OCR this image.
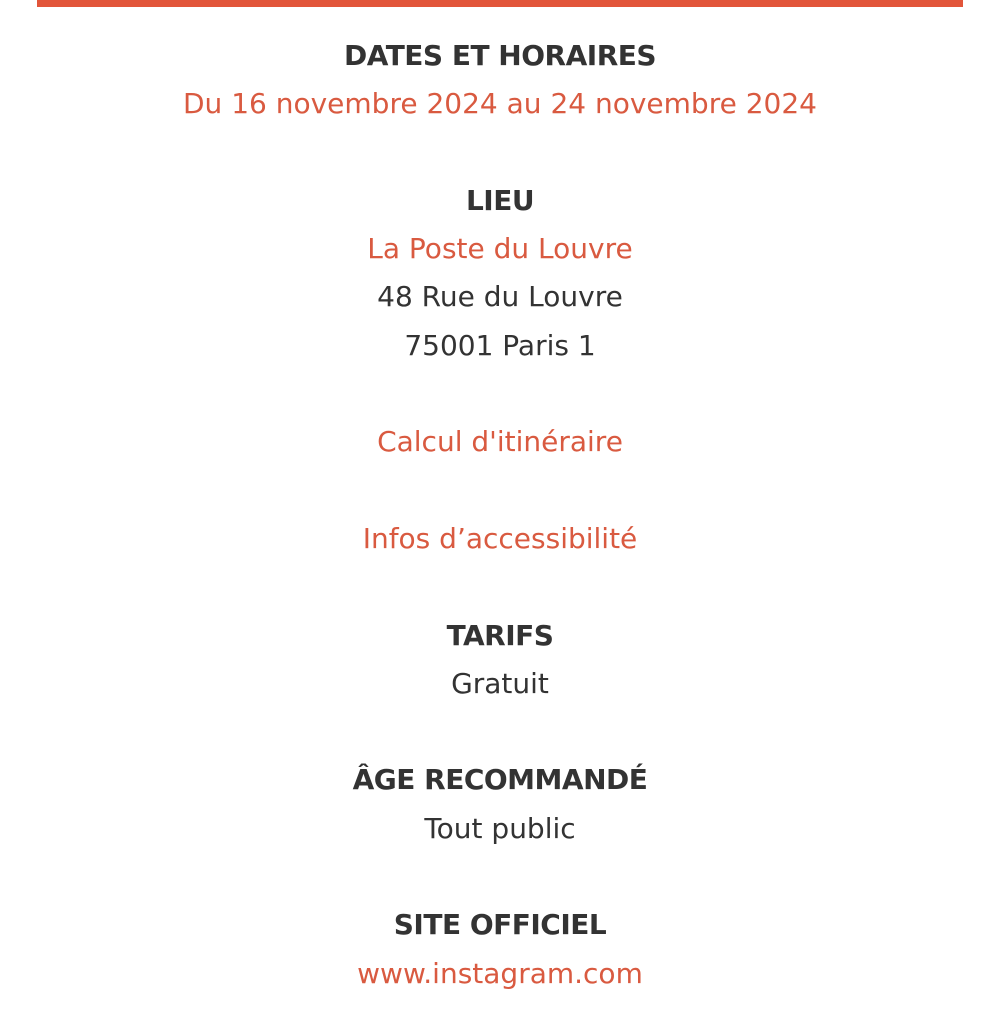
DATES ET HORAIRES
Du 16 novembre 2024 au 24 novembre 2024
LIEU
La Poste du Louvre
48 Rue du Louvre
75001 Paris 1
Calcul d'itinéraire
Infos d’accessibilité
TARIFS
Gratuit
ÂGE RECOMMANDÉ
Tout public
SITE OFFICIEL
www.instagram.com
